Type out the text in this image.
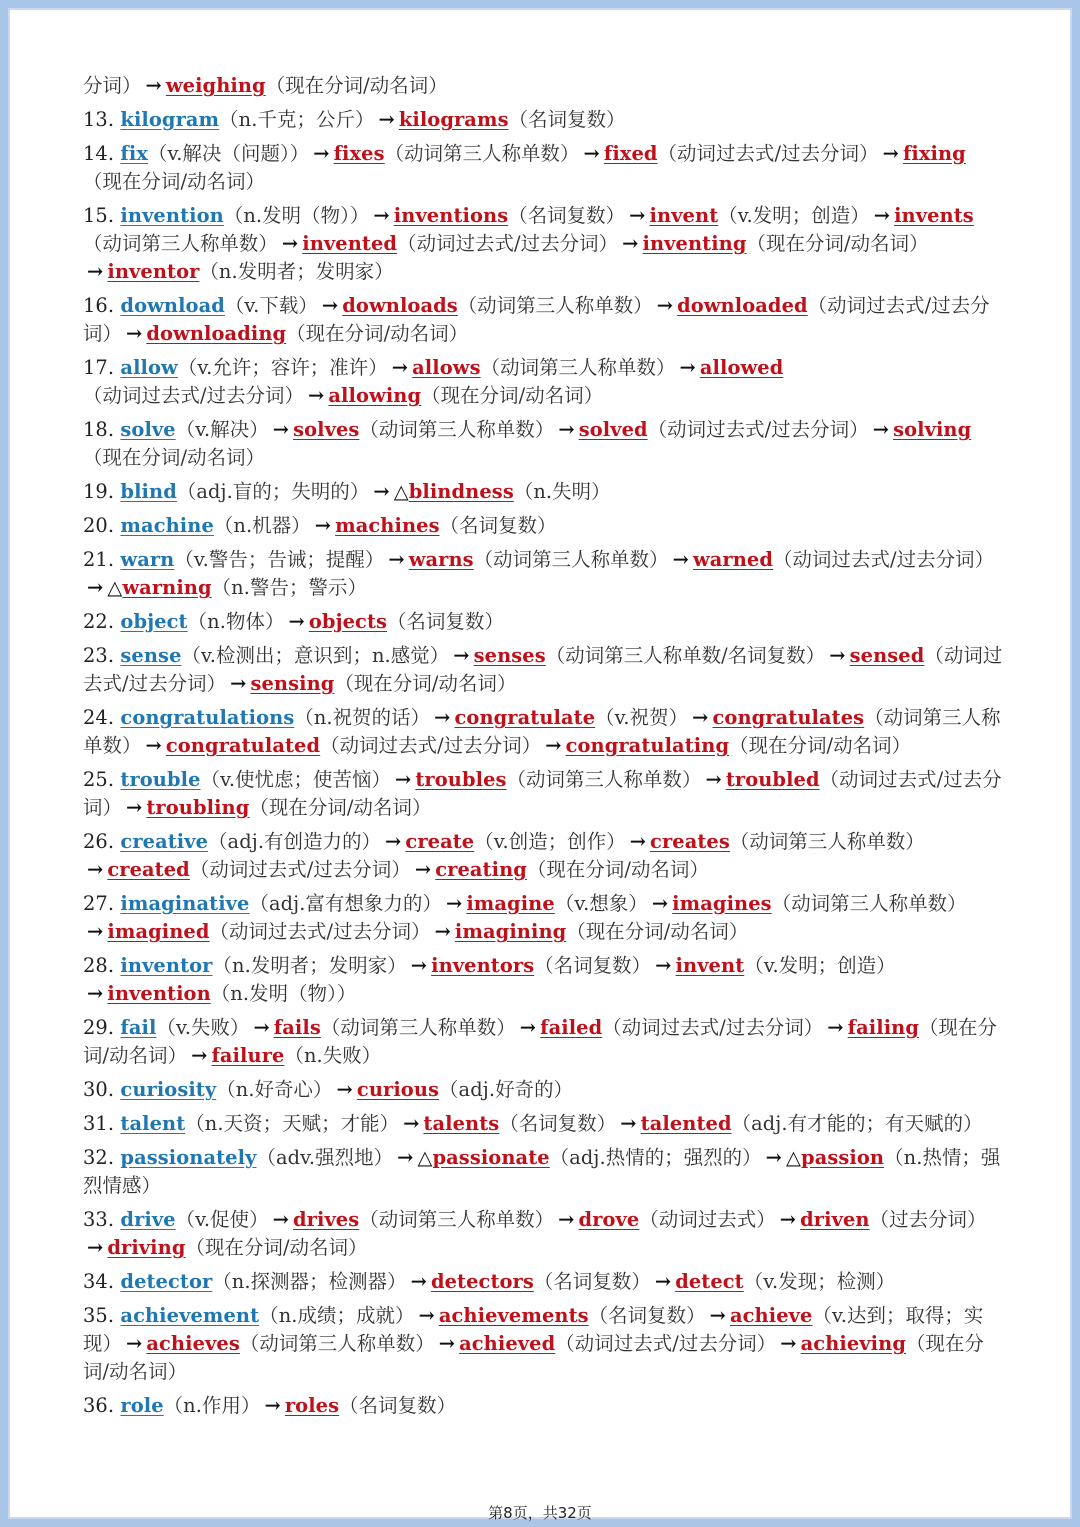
分词） → weighing（现在分词/动名词）
13. kilogram（n.千克；公斤） → kilograms（名词复数）
14. fix（v.解决（问题）） → fixes（动词第三人称单数） → fixed（动词过去式/过去分词） → fixing（现在分词/动名词）
15. invention（n.发明（物）） → inventions（名词复数） → invent（v.发明；创造） → invents（动词第三人称单数） → invented（动词过去式/过去分词） → inventing（现在分词/动名词）→ inventor（n.发明者；发明家）
16. download（v.下载） → downloads（动词第三人称单数） → downloaded（动词过去式/过去分词） → downloading（现在分词/动名词）
17. allow（v.允许；容许；准许） → allows（动词第三人称单数） → allowed（动词过去式/过去分词） → allowing（现在分词/动名词）
18. solve（v.解决） → solves（动词第三人称单数） → solved（动词过去式/过去分词） → solving（现在分词/动名词）
19. blind（adj.盲的；失明的） → △blindness（n.失明）
20. machine（n.机器） → machines（名词复数）
21. warn（v.警告；告诫；提醒） → warns（动词第三人称单数） → warned（动词过去式/过去分词）→ △warning（n.警告；警示）
22. object（n.物体） → objects（名词复数）
23. sense（v.检测出；意识到；n.感觉） → senses（动词第三人称单数/名词复数） → sensed（动词过去式/过去分词） → sensing（现在分词/动名词）
24. congratulations（n.祝贺的话） → congratulate（v.祝贺） → congratulates（动词第三人称单数） → congratulated（动词过去式/过去分词） → congratulating（现在分词/动名词）
25. trouble（v.使忧虑；使苦恼） → troubles（动词第三人称单数） → troubled（动词过去式/过去分词） → troubling（现在分词/动名词）
26. creative（adj.有创造力的） → create（v.创造；创作） → creates（动词第三人称单数）→ created（动词过去式/过去分词） → creating（现在分词/动名词）
27. imaginative（adj.富有想象力的） → imagine（v.想象） → imagines（动词第三人称单数）→ imagined（动词过去式/过去分词） → imagining（现在分词/动名词）
28. inventor（n.发明者；发明家） → inventors（名词复数） → invent（v.发明；创造）→ invention（n.发明（物））
29. fail（v.失败） → fails（动词第三人称单数） → failed（动词过去式/过去分词） → failing（现在分词/动名词） → failure（n.失败）
30. curiosity（n.好奇心） → curious（adj.好奇的）
31. talent（n.天资；天赋；才能） → talents（名词复数） → talented（adj.有才能的；有天赋的）
32. passionately（adv.强烈地） → △passionate（adj.热情的；强烈的） → △passion（n.热情；强烈情感）
33. drive（v.促使） → drives（动词第三人称单数） → drove（动词过去式） → driven（过去分词）→ driving（现在分词/动名词）
34. detector（n.探测器；检测器） → detectors（名词复数） → detect（v.发现；检测）
35. achievement（n.成绩；成就） → achievements（名词复数） → achieve（v.达到；取得；实现） → achieves（动词第三人称单数） → achieved（动词过去式/过去分词） → achieving（现在分词/动名词）
36. role（n.作用） → roles（名词复数）
第8页，共32页
